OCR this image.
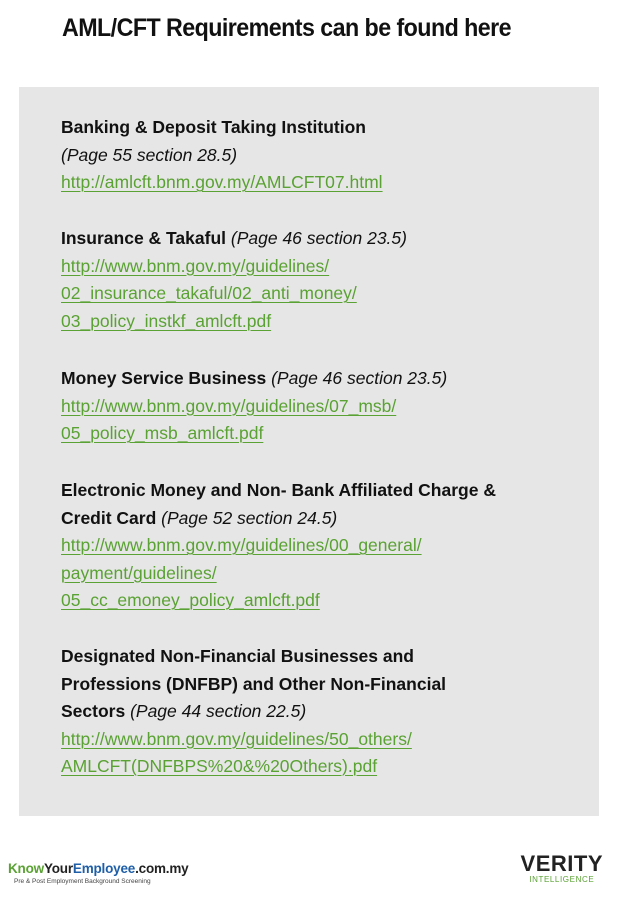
AML/CFT Requirements can be found here
Banking & Deposit Taking Institution
(Page 55 section 28.5)
http://amlcft.bnm.gov.my/AMLCFT07.html
Insurance & Takaful (Page 46 section 23.5)
http://www.bnm.gov.my/guidelines/
02_insurance_takaful/02_anti_money/
03_policy_instkf_amlcft.pdf
Money Service Business (Page 46 section 23.5)
http://www.bnm.gov.my/guidelines/07_msb/
05_policy_msb_amlcft.pdf
Electronic Money and Non- Bank Affiliated Charge &
Credit Card (Page 52 section 24.5)
http://www.bnm.gov.my/guidelines/00_general/
payment/guidelines/
05_cc_emoney_policy_amlcft.pdf
Designated Non-Financial Businesses and
Professions (DNFBP) and Other Non-Financial
Sectors (Page 44 section 22.5)
http://www.bnm.gov.my/guidelines/50_others/
AMLCFT(DNFBPS%20&%20Others).pdf
KnowYourEmployee.com.my
Pre & Post Employment Background Screening
VERITY
INTELLIGENCE
